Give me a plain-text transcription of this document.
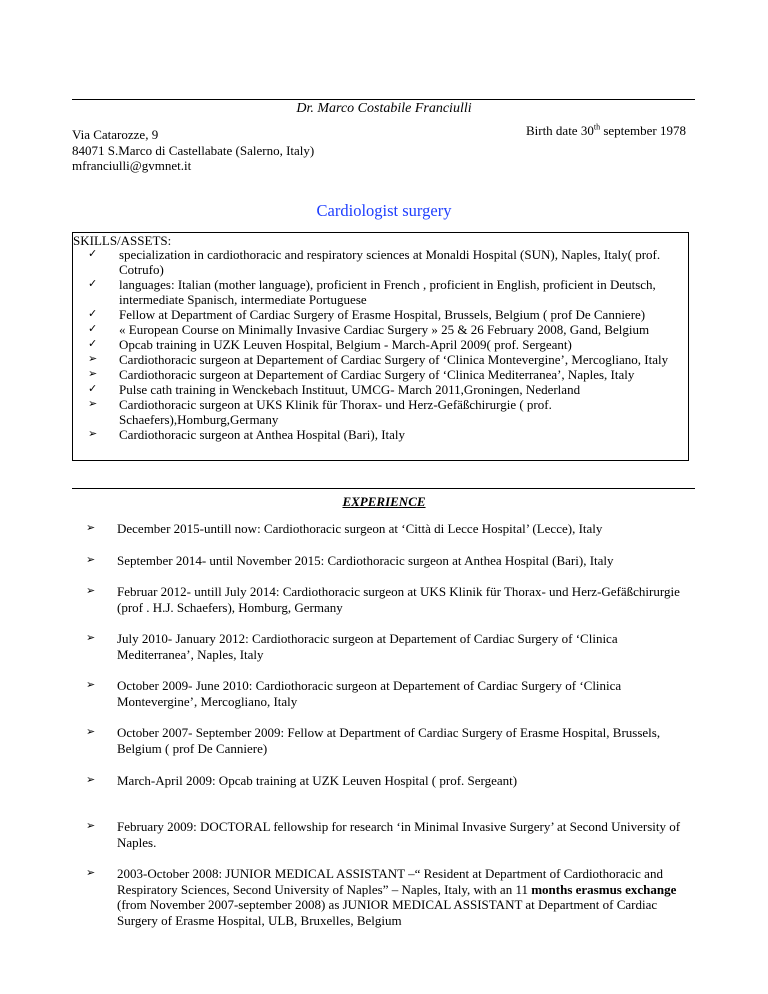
Dr. Marco Costabile Franciulli
Via Catarozze, 9
84071 S.Marco di Castellabate (Salerno, Italy)
mfranciulli@gvmnet.it
Birth date 30th september 1978
Cardiologist surgery
SKILLS/ASSETS:
✓	specialization in cardiothoracic and respiratory sciences at Monaldi Hospital (SUN), Naples, Italy( prof. Cotrufo)
✓	languages: Italian (mother language), proficient in French , proficient in English, proficient in Deutsch, intermediate Spanisch, intermediate Portuguese
✓	Fellow at Department of Cardiac Surgery of Erasme Hospital, Brussels, Belgium ( prof De Canniere)
✓	« European Course on Minimally Invasive Cardiac Surgery » 25 & 26 February 2008, Gand, Belgium
✓	Opcab training in UZK Leuven Hospital, Belgium - March-April 2009( prof. Sergeant)
➢	Cardiothoracic surgeon at Departement of Cardiac Surgery of ‘Clinica Montevergine’, Mercogliano, Italy
➢	Cardiothoracic surgeon at Departement of Cardiac Surgery of ‘Clinica Mediterranea’, Naples, Italy
✓	Pulse cath training in Wenckebach Instituut, UMCG- March 2011,Groningen, Nederland
➢	Cardiothoracic surgeon at UKS Klinik für Thorax- und Herz-Gefäßchirurgie ( prof. Schaefers),Homburg,Germany
➢	Cardiothoracic surgeon at Anthea Hospital (Bari), Italy
EXPERIENCE
➢	December 2015-untill now: Cardiothoracic surgeon at ‘Città di Lecce Hospital’ (Lecce), Italy
➢	September 2014- until November 2015: Cardiothoracic surgeon at Anthea Hospital (Bari), Italy
➢	Februar 2012- untill July 2014: Cardiothoracic surgeon at UKS Klinik für Thorax- und Herz-Gefäßchirurgie (prof . H.J. Schaefers), Homburg, Germany
➢	July 2010- January 2012: Cardiothoracic surgeon at Departement of Cardiac Surgery of ‘Clinica Mediterranea’, Naples, Italy
➢	October 2009- June 2010: Cardiothoracic surgeon at Departement of Cardiac Surgery of ‘Clinica Montevergine’, Mercogliano, Italy
➢	October 2007- September 2009: Fellow at Department of Cardiac Surgery of Erasme Hospital, Brussels, Belgium ( prof De Canniere)
➢	March-April 2009: Opcab training at UZK Leuven Hospital ( prof. Sergeant)
➢	February 2009: DOCTORAL fellowship for research ‘in Minimal Invasive Surgery’ at Second University of Naples.
➢	2003-October 2008: JUNIOR MEDICAL ASSISTANT –“ Resident at Department of Cardiothoracic and Respiratory Sciences, Second University of Naples” – Naples, Italy, with an 11 months erasmus exchange (from November 2007-september 2008) as JUNIOR MEDICAL ASSISTANT at Department of Cardiac Surgery of Erasme Hospital, ULB, Bruxelles, Belgium
